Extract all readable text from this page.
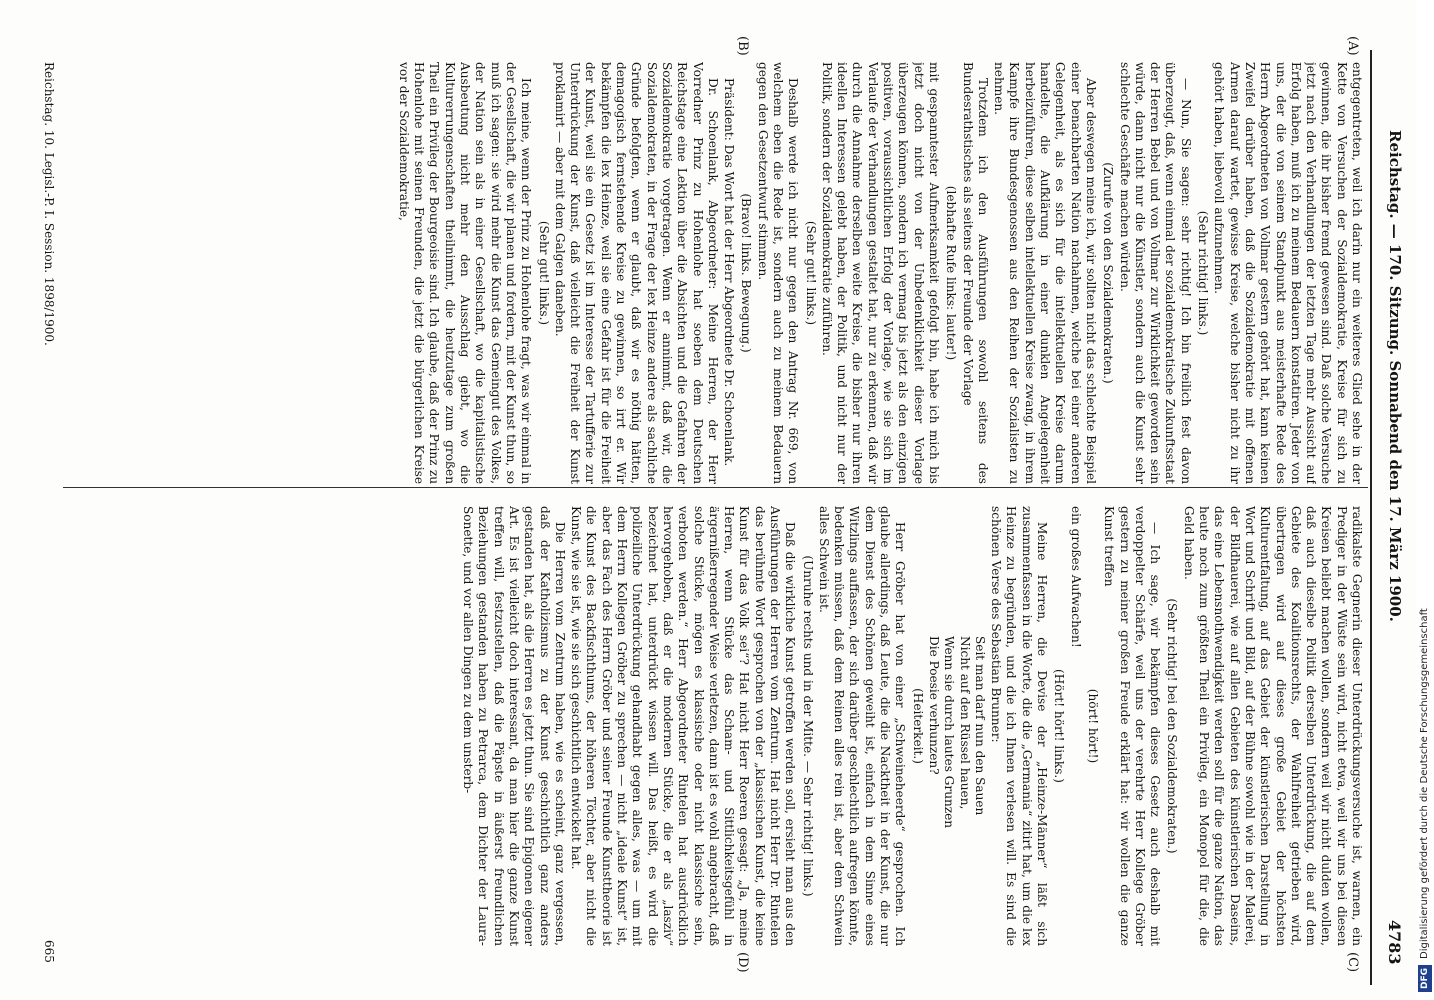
Reichstag. — 170. Sitzung. Sonnabend den 17. März 1900.
4783
(A)
(B)
(C)
(D)

entgegentreten, weil ich darin nur ein weiteres Glied sehe in der Kette von Versuchen der Sozialdemokratie, Kreise für sich zu gewinnen, die ihr bisher fremd gewesen sind. Daß solche Versuche jetzt nach den Verhandlungen der letzten Tage mehr Aussicht auf Erfolg haben, muß ich zu meinem Bedauern konstatiren. Jeder von uns, der die von seinem Standpunkt aus meisterhafte Rede des Herrn Abgeordneten von Vollmar gestern gehört hat, kann keinen Zweifel darüber haben, daß die Sozialdemokratie mit offenen Armen darauf wartet, gewisse Kreise, welche bisher nicht zu ihr gehört haben, liebevoll aufzunehmen.

(Sehr richtig! links.)

— Nun, Sie sagen: sehr richtig! Ich bin freilich fest davon überzeugt, daß, wenn einmal der sozialdemokratische Zukunftsstaat der Herren Bebel und von Vollmar zur Wirklichkeit geworden sein würde, dann nicht nur die Künstler, sondern auch die Kunst sehr schlechte Geschäfte machen würden.

(Zurufe von den Sozialdemokraten.)

Aber deswegen meine ich, wir sollten nicht das schlechte Beispiel einer benachbarten Nation nachahmen, welche bei einer anderen Gelegenheit, als es sich für die intellektuellen Kreise darum handelte, die Aufklärung in einer dunklen Angelegenheit herbeizuführen, diese selben intellektuellen Kreise zwang, in ihrem Kampfe ihre Bundesgenossen aus den Reihen der Sozialisten zu nehmen.

Trotzdem ich den Ausführungen sowohl seitens des Bundesrathstisches als seitens der Freunde der Vorlage

(lebhafte Rufe links: lauter!)

mit gespanntester Aufmerksamkeit gefolgt bin, habe ich mich bis jetzt doch nicht von der Unbedenklichkeit dieser Vorlage überzeugen können, sondern ich vermag bis jetzt als den einzigen positiven, voraussichtlichen Erfolg der Vorlage, wie sie sich im Verlaufe der Verhandlungen gestaltet hat, nur zu erkennen, daß wir durch die Annahme derselben weite Kreise, die bisher nur ihren ideellen Interessen gelebt haben, der Politik, und nicht nur der Politik, sondern der Sozialdemokratie zuführen.

(Sehr gut! links.)

Deshalb werde ich nicht nur gegen den Antrag Nr. 669, von welchem eben die Rede ist, sondern auch zu meinem Bedauern gegen den Gesetzentwurf stimmen.

(Bravo! links. Bewegung.)

Präsident: Das Wort hat der Herr Abgeordnete Dr. Schoenlank.

Dr. Schoenlank, Abgeordneter: Meine Herren, der Herr Vorredner Prinz zu Hohenlohe hat soeben dem Deutschen Reichstage eine Lektion über die Absichten und die Gefahren der Sozialdemokratie vorgetragen. Wenn er annimmt, daß wir, die Sozialdemokraten, in der Frage der lex Heinze andere als sachliche Gründe befolgten, wenn er glaubt, daß wir es nöthig hätten, demagogisch fernstehende Kreise zu gewinnen, so irrt er. Wir bekämpfen die lex Heinze, weil sie eine Gefahr ist für die Freiheit der Kunst, weil sie ein Gesetz ist im Interesse der Tartufferie zur Unterdrückung der Kunst, daß vielleicht die Freiheit der Kunst proklamirt — aber mit dem Galgen daneben.

(Sehr gut! links.)

Ich meine, wenn der Prinz zu Hohenlohe fragt, was wir einmal in der Gesellschaft, die wir planen und fordern, mit der Kunst thun, so muß ich sagen: sie wird mehr die Kunst das Gemeingut des Volkes, der Nation sein als in einer Gesellschaft, wo die kapitalistische Ausbeutung nicht mehr den Ausschlag giebt, wo die Kulturerrungenschaften theilnimmt, die heutzutage zum großen Theil ein Privileg der Bourgeoisie sind. Ich glaube, daß der Prinz zu Hohenlohe mit seinen Freunden, die jetzt die bürgerlichen Kreise vor der Sozialdemokratie,

radikalste Gegnerin dieser Unterdrückungsversuche ist, warnen, ein Prediger in der Wüste sein wird, nicht etwa, weil wir uns bei diesen Kreisen beliebt machen wollen, sondern weil wir nicht dulden wollen, daß auch dieselbe Politik derselben Unterdrückung, die auf dem Gebiete des Koalitionsrechts, der Wahlfreiheit getrieben wird, übertragen wird auf dieses große Gebiet der höchsten Kulturentfaltung, auf das Gebiet der künstlerischen Darstellung in Wort und Schrift und Bild, auf der Bühne sowohl wie in der Malerei, der Bildhauerei, wie auf allen Gebieten des künstlerischen Daseins, das eine Lebensnothwendigkeit werden soll für die ganze Nation, das heute noch zum größten Theil ein Privileg, ein Monopol für die, die Geld haben.

(Sehr richtig! bei den Sozialdemokraten.)

— Ich sage, wir bekämpfen dieses Gesetz auch deshalb mit verdoppelter Schärfe, weil uns der verehrte Herr Kollege Gröber gestern zu meiner großen Freude erklärt hat: wir wollen die ganze Kunst treffen

(hört! hört!)

ein großes Aufwachen!

(Hört! hört! links.)

Meine Herren, die Devise der „Heinze-Männer“ läßt sich zusammenfassen in die Worte, die die „Germania“ zitirt hat, um die lex Heinze zu begründen, und die ich Ihnen verlesen will. Es sind die schönen Verse des Sebastian Brunner:

Seit man darf nun den Sauen

Nicht auf den Rüssel hauen,

Wenn sie durch lautes Grunzen

Die Poesie verhunzen?

(Heiterkeit.)

Herr Gröber hat von einer „Schweineheerde“ gesprochen. Ich glaube allerdings, daß Leute, die die Nacktheit in der Kunst, die nur dem Dienst des Schönen geweiht ist, einfach in dem Sinne eines Witzlings auffassen, der sich darüber geschlechtlich aufregen könnte, bedenken müssen, daß dem Reinen alles rein ist, aber dem Schwein alles Schwein ist.

(Unruhe rechts und in der Mitte. — Sehr richtig! links.)

Daß die wirkliche Kunst getroffen werden soll, ersieht man aus den Ausführungen der Herren vom Zentrum. Hat nicht Herr Dr. Rintelen das berühmte Wort gesprochen von der „klassischen Kunst, die keine Kunst für das Volk sei“? Hat nicht Herr Roeren gesagt: „Ja, meine Herren, wenn Stücke das Scham- und Sittlichkeitsgefühl in ärgernißerregender Weise verletzen, dann ist es wohl angebracht, daß solche Stücke, mögen es klassische oder nicht klassische sein, verboten werden.“ Herr Abgeordneter Rintelen hat ausdrücklich hervorgehoben, daß er die modernen Stücke, die er als „lasziv“ bezeichnet hat, unterdrückt wissen will. Das heißt, es wird die polizeiliche Unterdrückung gehandhabt gegen alles, was — um mit dem Herrn Kollegen Gröber zu sprechen — nicht „ideale Kunst“ ist, aber das Fach des Herrn Gröber und seiner Freunde Kunsttheorie ist die Kunst des Backfischthums, der höheren Töchter, aber nicht die Kunst, wie sie ist, wie sie sich geschichtlich entwickelt hat.

Die Herren vom Zentrum haben, wie es scheint, ganz vergessen, daß der Katholizismus zu der Kunst geschichtlich ganz anders gestanden hat, als die Herren es jetzt thun. Sie sind Epigonen eigener Art. Es ist vielleicht doch interessant, da man hier die ganze Kunst treffen will, festzustellen, daß die Päpste in äußerst freundlichen Beziehungen gestanden haben zu Petrarca, dem Dichter der Laura-Sonette, und vor allen Dingen zu dem unsterb-

Reichstag. 10. Legisl.-P. I. Session. 1898/1900.
665
DFGDigitalisierung gefördert durch die Deutsche Forschungsgemeinschaft
